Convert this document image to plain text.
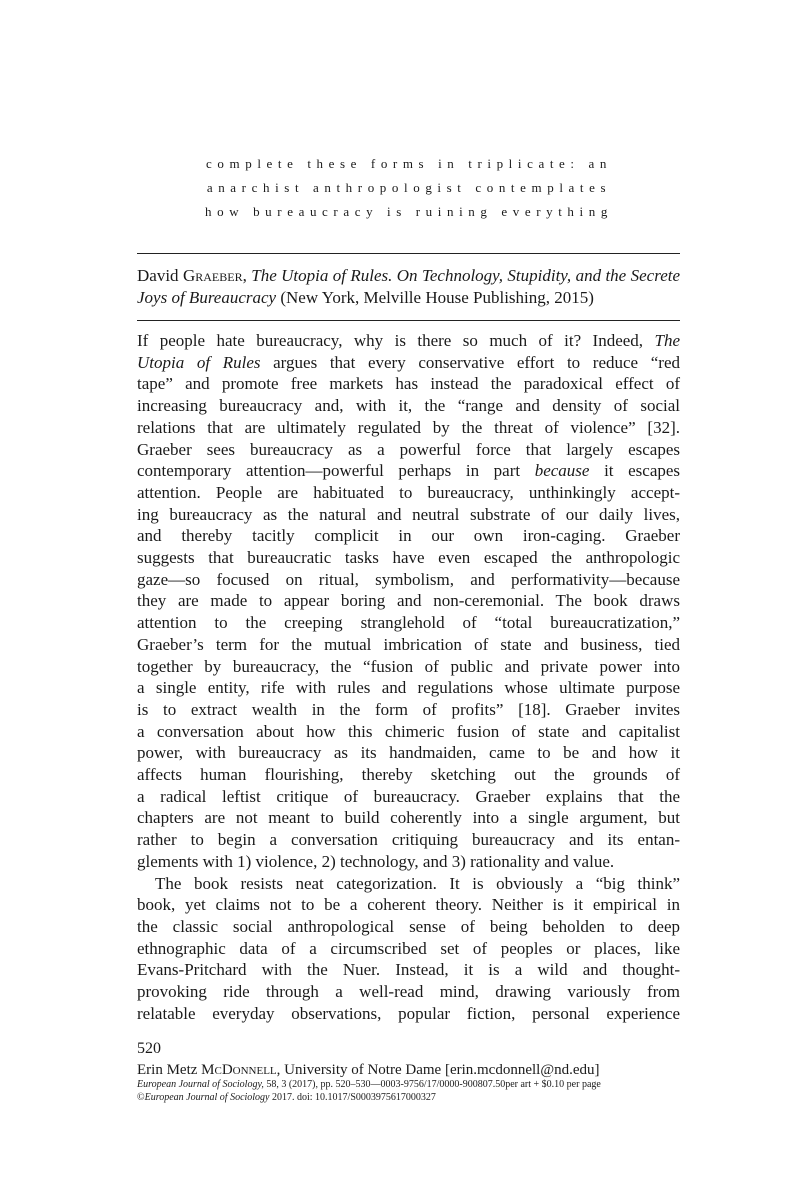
complete these forms in triplicate: an
anarchist anthropologist contemplates
how bureaucracy is ruining everything
David Graeber, The Utopia of Rules. On Technology, Stupidity, and the Secrete Joys of Bureaucracy (New York, Melville House Publishing, 2015)
If people hate bureaucracy, why is there so much of it? Indeed, The
Utopia of Rules argues that every conservative effort to reduce “red
tape” and promote free markets has instead the paradoxical effect of
increasing bureaucracy and, with it, the “range and density of social
relations that are ultimately regulated by the threat of violence” [32].
Graeber sees bureaucracy as a powerful force that largely escapes
contemporary attention—powerful perhaps in part because it escapes
attention. People are habituated to bureaucracy, unthinkingly accept-
ing bureaucracy as the natural and neutral substrate of our daily lives,
and thereby tacitly complicit in our own iron-caging. Graeber
suggests that bureaucratic tasks have even escaped the anthropologic
gaze—so focused on ritual, symbolism, and performativity—because
they are made to appear boring and non-ceremonial. The book draws
attention to the creeping stranglehold of “total bureaucratization,”
Graeber’s term for the mutual imbrication of state and business, tied
together by bureaucracy, the “fusion of public and private power into
a single entity, rife with rules and regulations whose ultimate purpose
is to extract wealth in the form of profits” [18]. Graeber invites
a conversation about how this chimeric fusion of state and capitalist
power, with bureaucracy as its handmaiden, came to be and how it
affects human flourishing, thereby sketching out the grounds of
a radical leftist critique of bureaucracy. Graeber explains that the
chapters are not meant to build coherently into a single argument, but
rather to begin a conversation critiquing bureaucracy and its entan-
glements with 1) violence, 2) technology, and 3) rationality and value.
The book resists neat categorization. It is obviously a “big think”
book, yet claims not to be a coherent theory. Neither is it empirical in
the classic social anthropological sense of being beholden to deep
ethnographic data of a circumscribed set of peoples or places, like
Evans-Pritchard with the Nuer. Instead, it is a wild and thought-
provoking ride through a well-read mind, drawing variously from
relatable everyday observations, popular fiction, personal experience
520
Erin Metz McDonnell, University of Notre Dame [erin.mcdonnell@nd.edu]
European Journal of Sociology, 58, 3 (2017), pp. 520–530—0003-9756/17/0000-900807.50per art + $0.10 per page
©European Journal of Sociology 2017. doi: 10.1017/S0003975617000327
